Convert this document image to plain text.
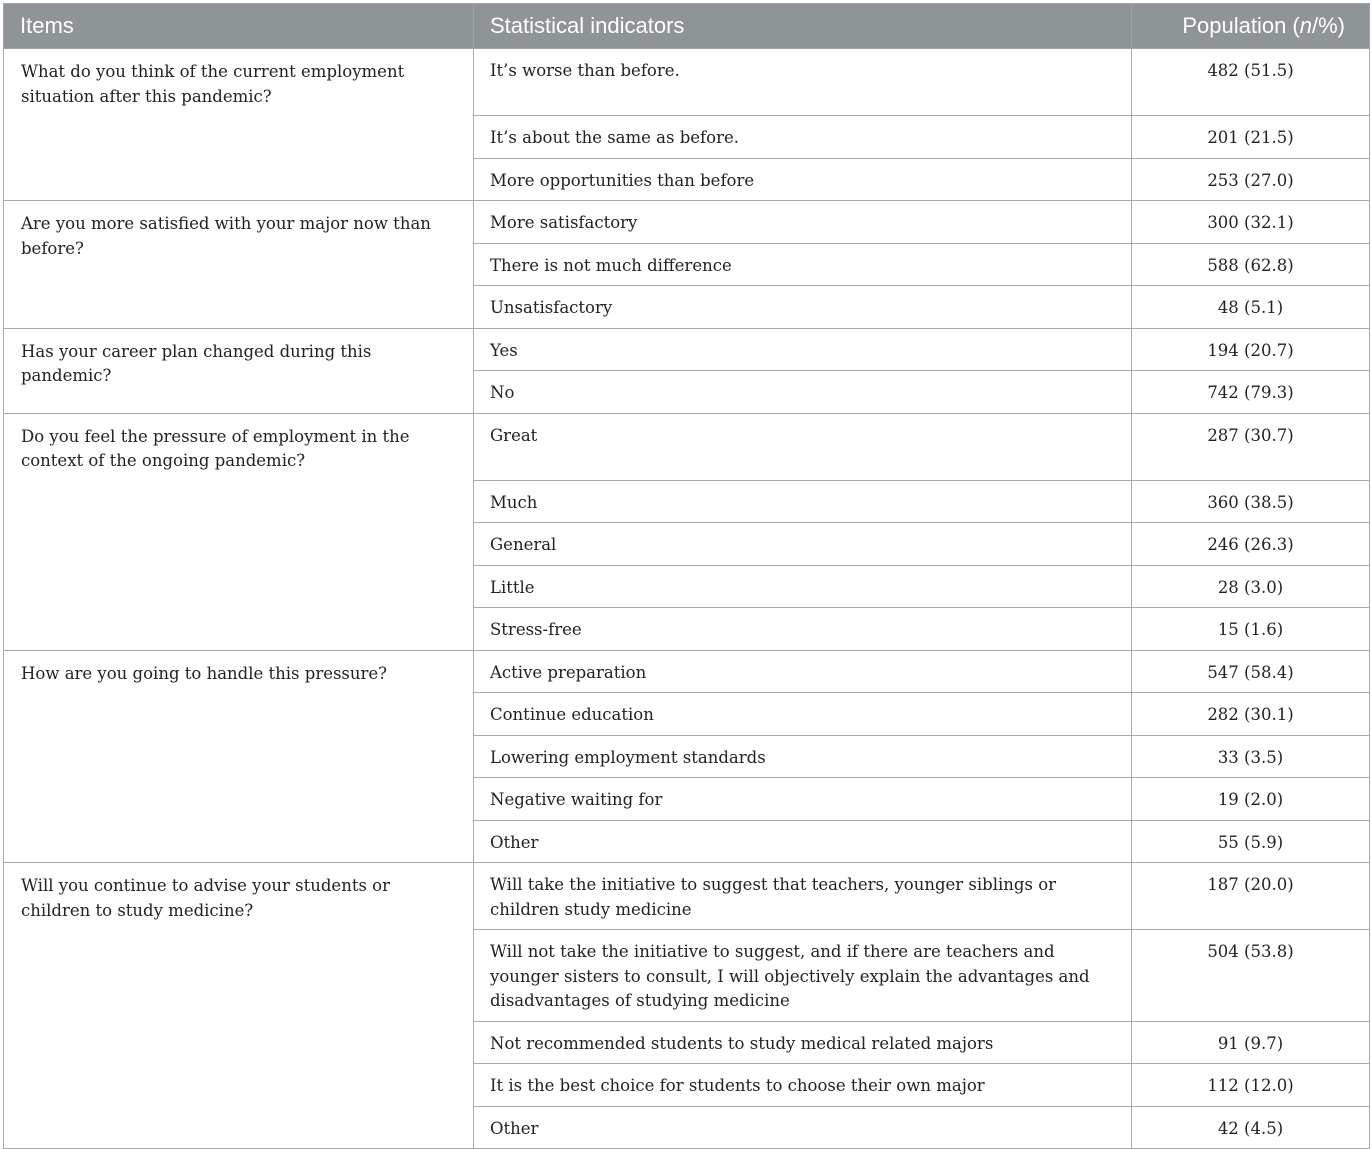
Items	Statistical indicators	Population (n/%)
What do you think of the current employment situation after this pandemic?	It’s worse than before.	482 (51.5)
	It’s about the same as before.	201 (21.5)
	More opportunities than before	253 (27.0)
Are you more satisfied with your major now than before?	More satisfactory	300 (32.1)
	There is not much difference	588 (62.8)
	Unsatisfactory	48 (5.1)
Has your career plan changed during this pandemic?	Yes	194 (20.7)
	No	742 (79.3)
Do you feel the pressure of employment in the context of the ongoing pandemic?	Great	287 (30.7)
	Much	360 (38.5)
	General	246 (26.3)
	Little	28 (3.0)
	Stress-free	15 (1.6)
How are you going to handle this pressure?	Active preparation	547 (58.4)
	Continue education	282 (30.1)
	Lowering employment standards	33 (3.5)
	Negative waiting for	19 (2.0)
	Other	55 (5.9)
Will you continue to advise your students or children to study medicine?	Will take the initiative to suggest that teachers, younger siblings or children study medicine	187 (20.0)
	Will not take the initiative to suggest, and if there are teachers and younger sisters to consult, I will objectively explain the advantages and disadvantages of studying medicine	504 (53.8)
	Not recommended students to study medical related majors	91 (9.7)
	It is the best choice for students to choose their own major	112 (12.0)
	Other	42 (4.5)
